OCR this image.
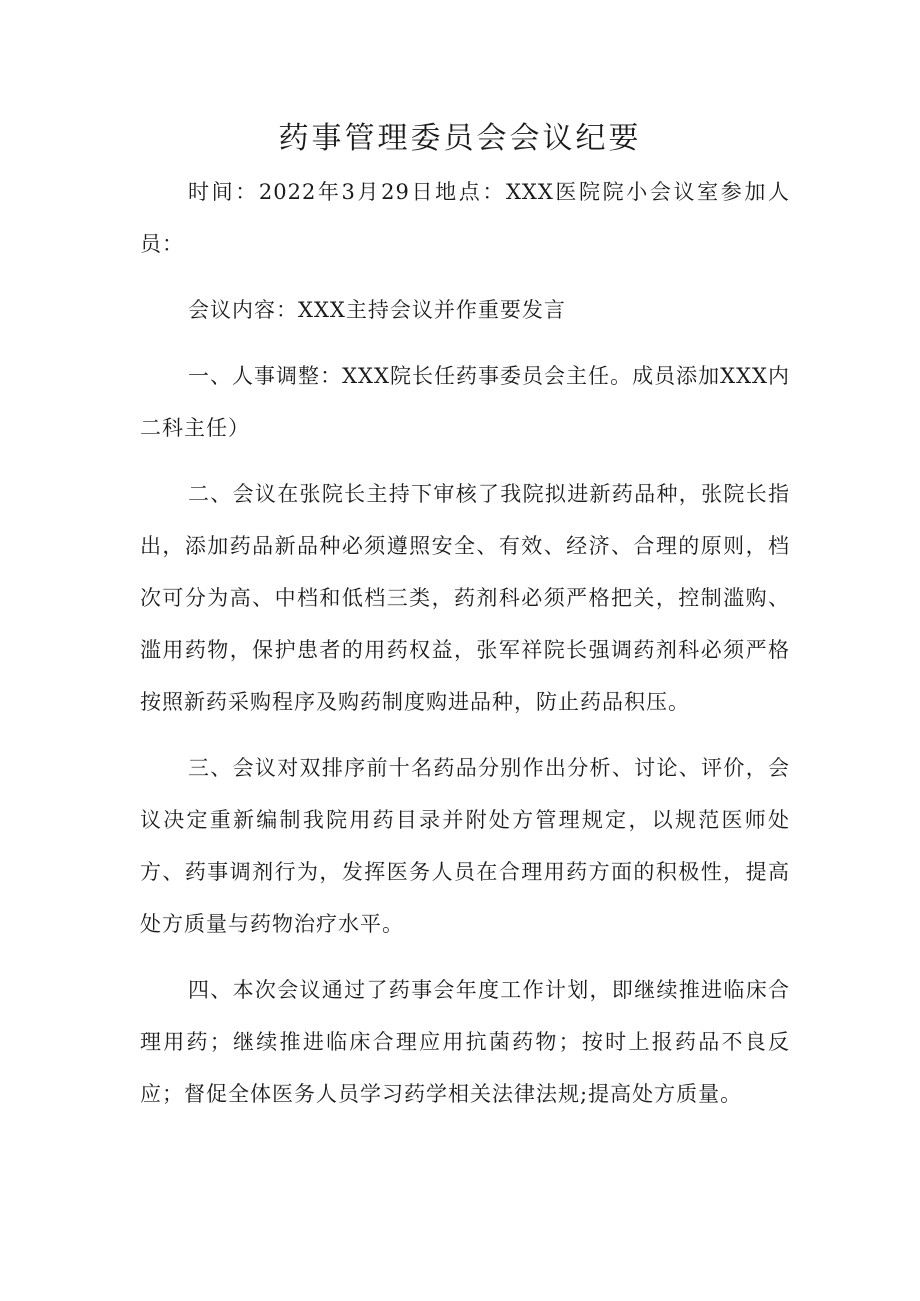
药事管理委员会会议纪要

时间：2022年3月29日地点：XXX医院院小会议室参加人员：

会议内容：XXX主持会议并作重要发言

一、人事调整：XXX院长任药事委员会主任。成员添加XXX内二科主任）

二、会议在张院长主持下审核了我院拟进新药品种，张院长指出，添加药品新品种必须遵照安全、有效、经济、合理的原则，档次可分为高、中档和低档三类，药剂科必须严格把关，控制滥购、滥用药物，保护患者的用药权益，张军祥院长强调药剂科必须严格按照新药采购程序及购药制度购进品种，防止药品积压。

三、会议对双排序前十名药品分别作出分析、讨论、评价，会议决定重新编制我院用药目录并附处方管理规定，以规范医师处方、药事调剂行为，发挥医务人员在合理用药方面的积极性，提高处方质量与药物治疗水平。

四、本次会议通过了药事会年度工作计划，即继续推进临床合理用药；继续推进临床合理应用抗菌药物；按时上报药品不良反应；督促全体医务人员学习药学相关法律法规;提高处方质量。
